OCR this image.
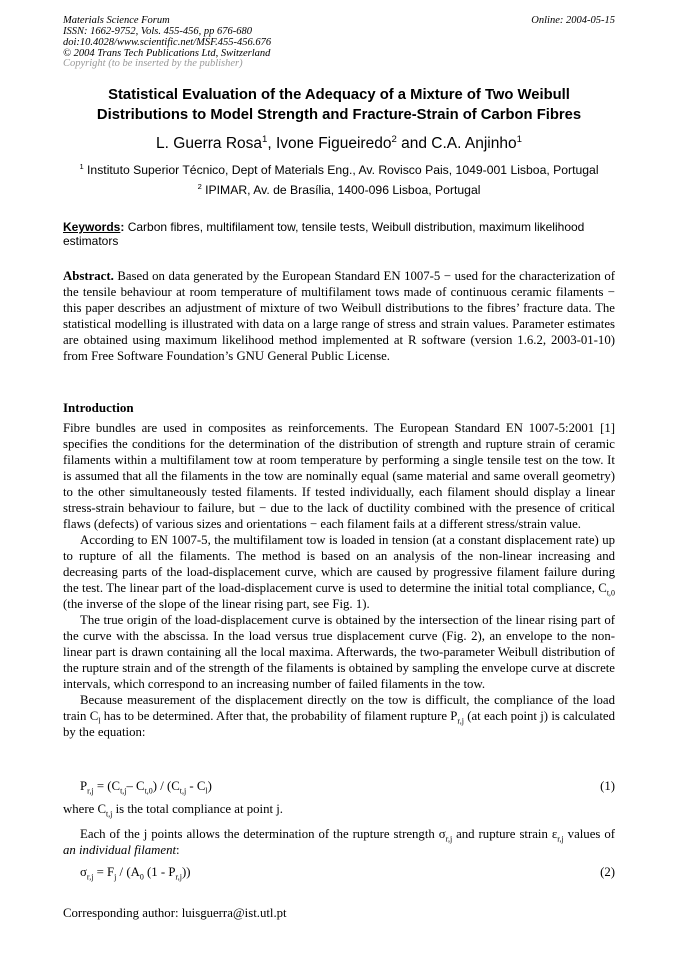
Materials Science Forum
ISSN: 1662-9752, Vols. 455-456, pp 676-680
doi:10.4028/www.scientific.net/MSF.455-456.676
© 2004 Trans Tech Publications Ltd, Switzerland
Online: 2004-05-15
Copyright (to be inserted by the publisher)
Statistical Evaluation of the Adequacy of a Mixture of Two Weibull
Distributions to Model Strength and Fracture-Strain of Carbon Fibres
L. Guerra Rosa$^1$, Ivone Figueiredo$^2$ and C.A. Anjinho$^1$
$^1$ Instituto Superior Técnico, Dept of Materials Eng., Av. Rovisco Pais, 1049-001 Lisboa, Portugal
$^2$ IPIMAR, Av. de Brasília, 1400-096 Lisboa, Portugal
Keywords: Carbon fibres, multifilament tow, tensile tests, Weibull distribution, maximum likelihood estimators
Abstract. Based on data generated by the European Standard EN 1007-5 − used for the characterization of the tensile behaviour at room temperature of multifilament tows made of continuous ceramic filaments − this paper describes an adjustment of mixture of two Weibull distributions to the fibres’ fracture data. The statistical modelling is illustrated with data on a large range of stress and strain values. Parameter estimates are obtained using maximum likelihood method implemented at R software (version 1.6.2, 2003-01-10) from Free Software Foundation’s GNU General Public License.
Introduction

Fibre bundles are used in composites as reinforcements. The European Standard EN 1007-5:2001 [1] specifies the conditions for the determination of the distribution of strength and rupture strain of ceramic filaments within a multifilament tow at room temperature by performing a single tensile test on the tow. It is assumed that all the filaments in the tow are nominally equal (same material and same overall geometry) to the other simultaneously tested filaments. If tested individually, each filament should display a linear stress-strain behaviour to failure, but − due to the lack of ductility combined with the presence of critical flaws (defects) of various sizes and orientations − each filament fails at a different stress/strain value.

According to EN 1007-5, the multifilament tow is loaded in tension (at a constant displacement rate) up to rupture of all the filaments. The method is based on an analysis of the non-linear increasing and decreasing parts of the load-displacement curve, which are caused by progressive filament failure during the test. The linear part of the load-displacement curve is used to determine the initial total compliance, $C_{t,0}$ (the inverse of the slope of the linear rising part, see Fig. 1).

The true origin of the load-displacement curve is obtained by the intersection of the linear rising part of the curve with the abscissa. In the load versus true displacement curve (Fig. 2), an envelope to the non-linear part is drawn containing all the local maxima. Afterwards, the two-parameter Weibull distribution of the rupture strain and of the strength of the filaments is obtained by sampling the envelope curve at discrete intervals, which correspond to an increasing number of failed filaments in the tow.

Because measurement of the displacement directly on the tow is difficult, the compliance of the load train $C_l$ has to be determined. After that, the probability of filament rupture $P_{r,j}$ (at each point j) is calculated by the equation:

$P_{r,j} = (C_{t,j}-$ $C_{t,0}) / (C_{t,j} - C_l)$	(1)
where $C_{t,j}$ is the total compliance at point j.
Each of the j points allows the determination of the rupture strength $\sigma_{r,j}$ and rupture strain $\varepsilon_{r,j}$ values of an individual filament:
$\sigma_{r,j} = F_j / (A_0$ $(1 - P_{r,j})$)	(2)
Corresponding author: luisguerra@ist.utl.pt
